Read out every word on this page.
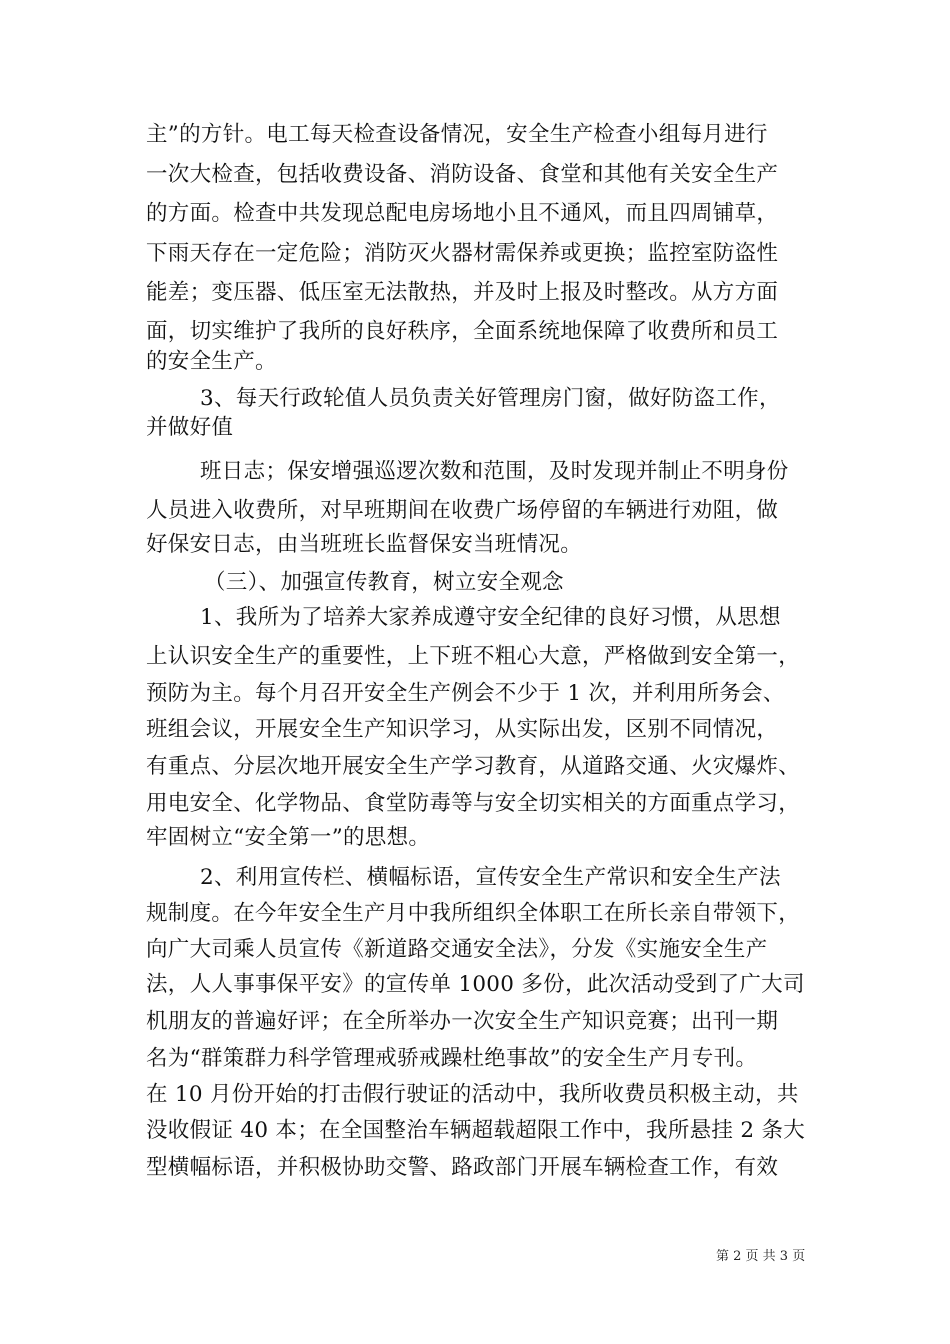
主”的方针。电工每天检查设备情况，安全生产检查小组每月进行
一次大检查，包括收费设备、消防设备、食堂和其他有关安全生产
的方面。检查中共发现总配电房场地小且不通风，而且四周铺草，
下雨天存在一定危险；消防灭火器材需保养或更换；监控室防盗性
能差；变压器、低压室无法散热，并及时上报及时整改。从方方面
面，切实维护了我所的良好秩序，全面系统地保障了收费所和员工
的安全生产。
3、每天行政轮值人员负责关好管理房门窗，做好防盗工作，
并做好值
班日志；保安增强巡逻次数和范围，及时发现并制止不明身份
人员进入收费所，对早班期间在收费广场停留的车辆进行劝阻，做
好保安日志，由当班班长监督保安当班情况。
（三）、加强宣传教育，树立安全观念
1、我所为了培养大家养成遵守安全纪律的良好习惯，从思想
上认识安全生产的重要性，上下班不粗心大意，严格做到安全第一，
预防为主。每个月召开安全生产例会不少于 1 次，并利用所务会、
班组会议，开展安全生产知识学习，从实际出发，区别不同情况，
有重点、分层次地开展安全生产学习教育，从道路交通、火灾爆炸、
用电安全、化学物品、食堂防毒等与安全切实相关的方面重点学习，
牢固树立“安全第一”的思想。
2、利用宣传栏、横幅标语，宣传安全生产常识和安全生产法
规制度。在今年安全生产月中我所组织全体职工在所长亲自带领下，
向广大司乘人员宣传《新道路交通安全法》，分发《实施安全生产
法，人人事事保平安》的宣传单 1000 多份，此次活动受到了广大司
机朋友的普遍好评；在全所举办一次安全生产知识竞赛；出刊一期
名为“群策群力科学管理戒骄戒躁杜绝事故”的安全生产月专刊。
在 10 月份开始的打击假行驶证的活动中，我所收费员积极主动，共
没收假证 40 本；在全国整治车辆超载超限工作中，我所悬挂 2 条大
型横幅标语，并积极协助交警、路政部门开展车辆检查工作，有效
第 2 页 共 3 页
